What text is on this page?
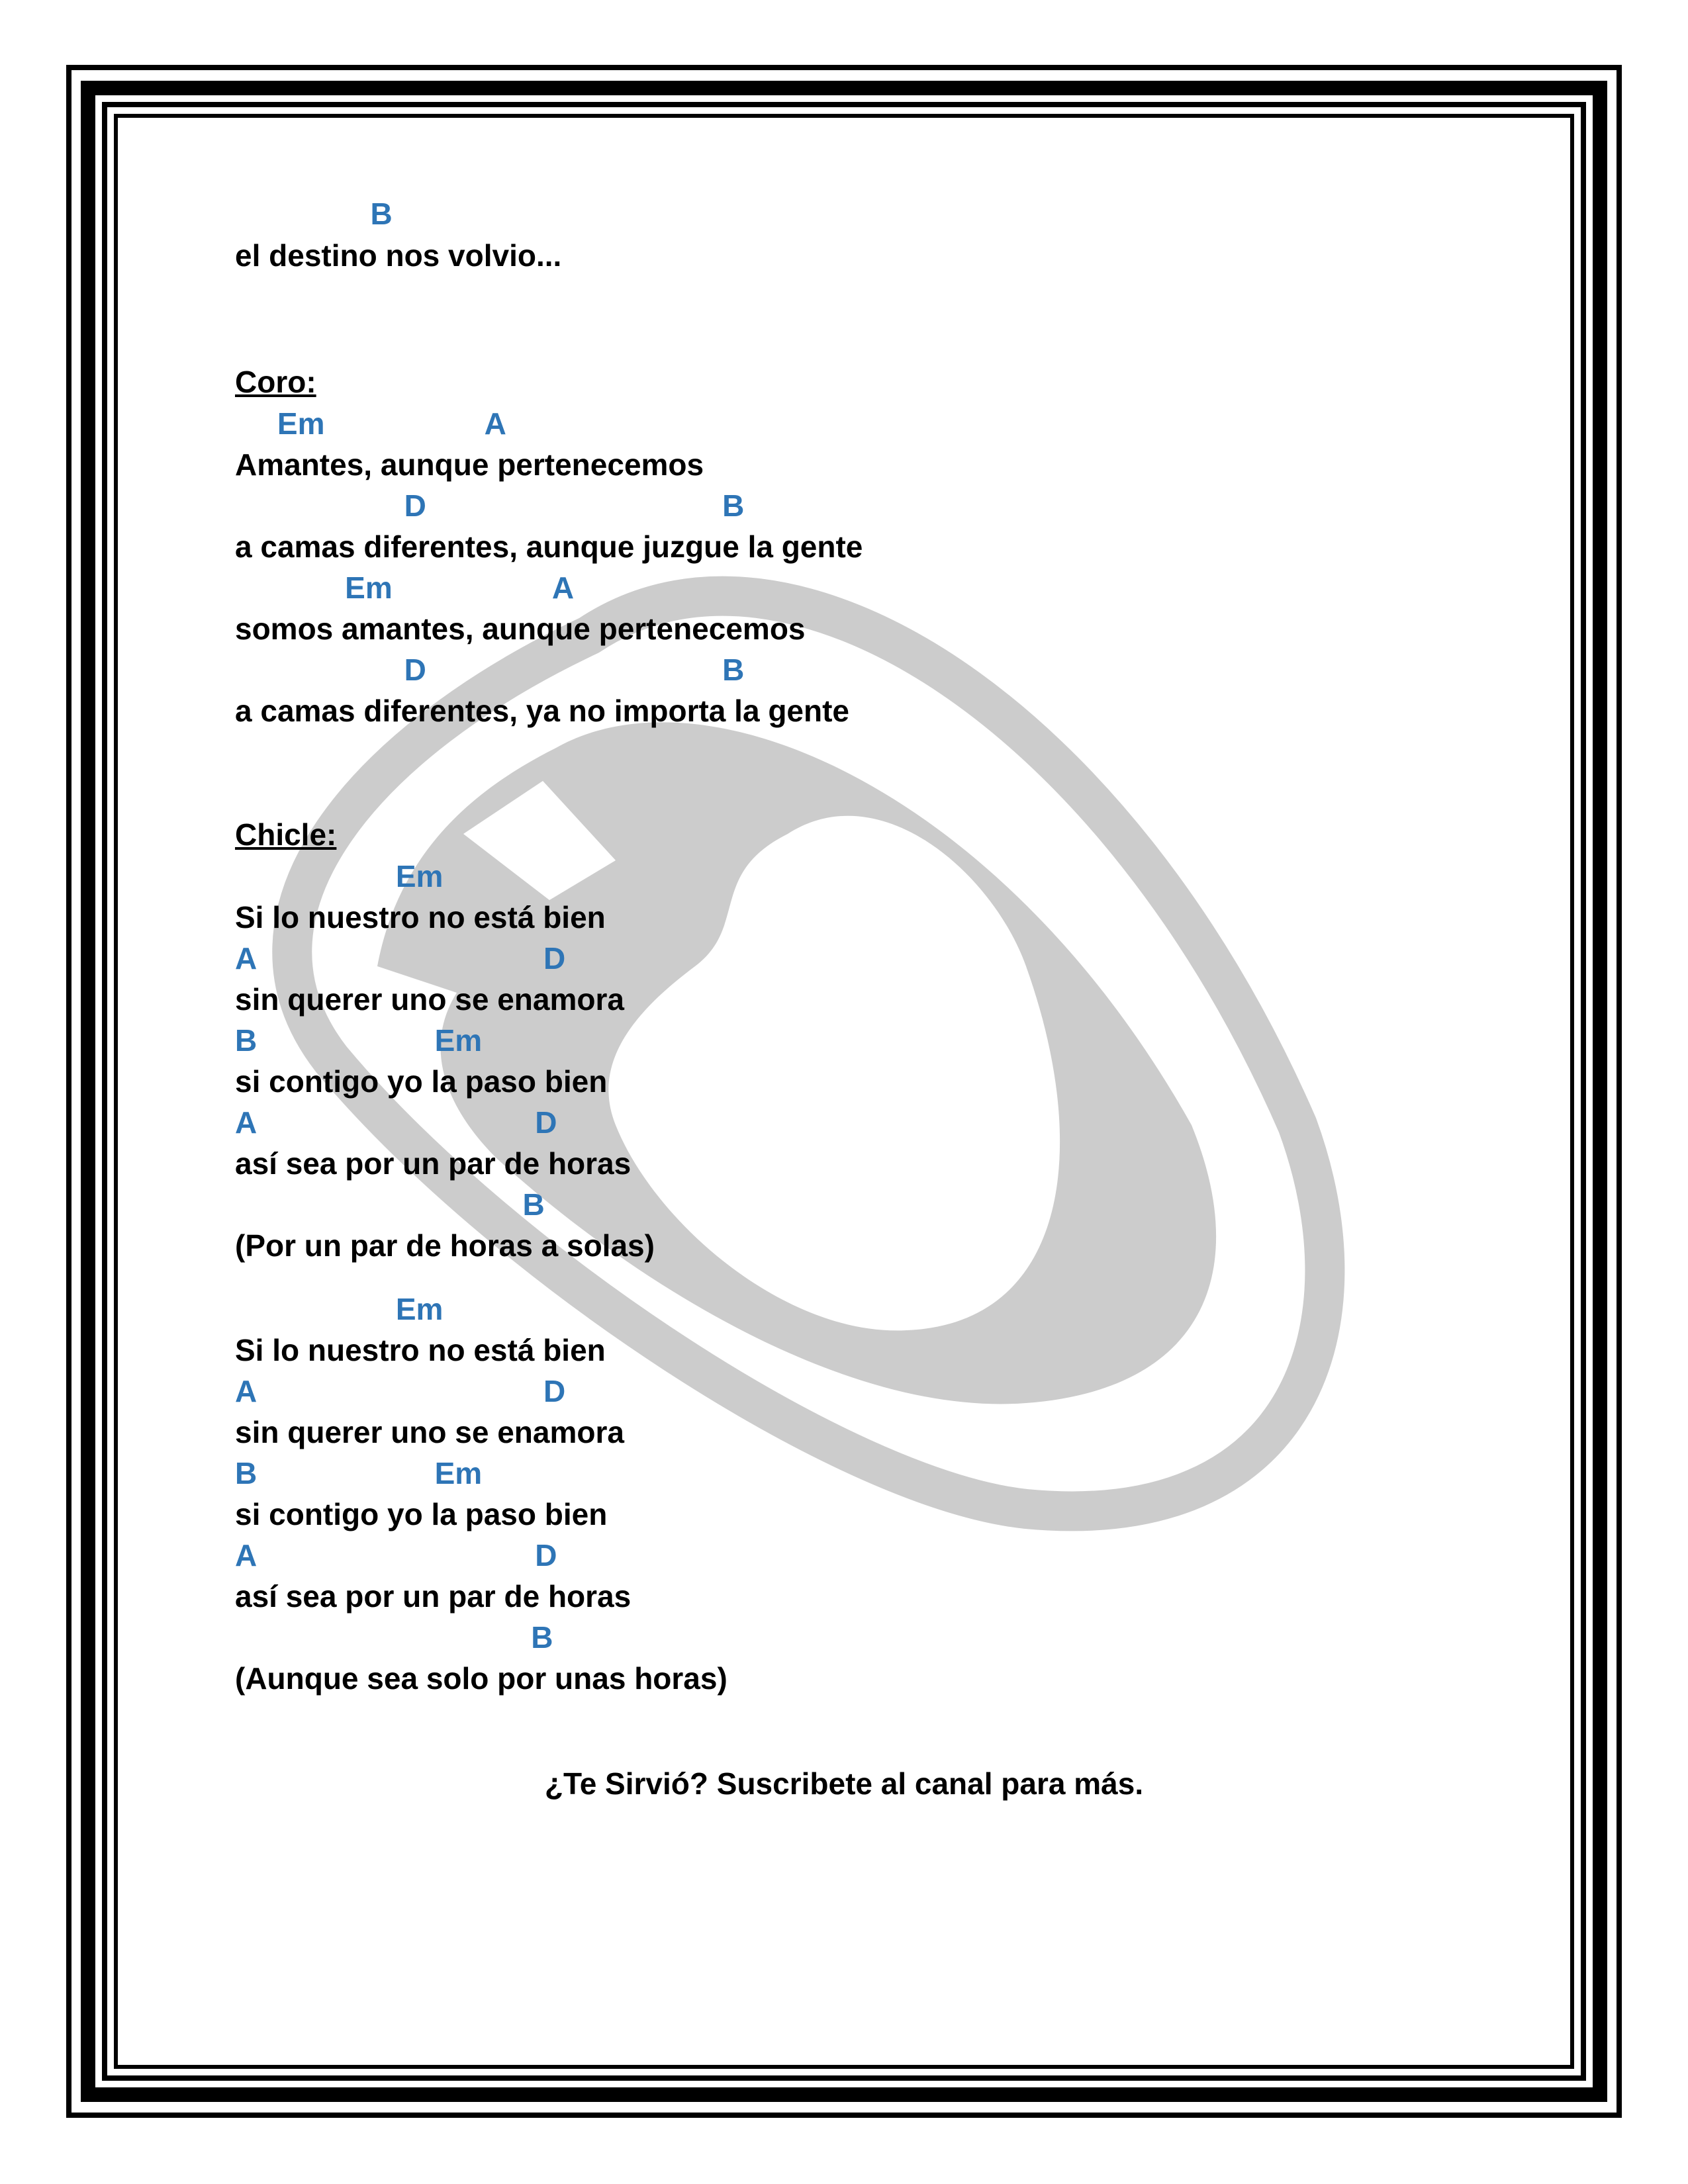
B
el destino nos volvio...
Coro:
Em                   A
Amantes, aunque pertenecemos
D                                   B
a camas diferentes, aunque juzgue la gente
Em                   A
somos amantes, aunque pertenecemos
D                                   B
a camas diferentes, ya no importa la gente
Chicle:
Em
Si lo nuestro no está bien
A                                  D
sin querer uno se enamora
B                     Em
si contigo yo la paso bien
A                                 D
así sea por un par de horas
B
(Por un par de horas a solas)
Em
Si lo nuestro no está bien
A                                  D
sin querer uno se enamora
B                     Em
si contigo yo la paso bien
A                                 D
así sea por un par de horas
B
(Aunque sea solo por unas horas)
¿Te Sirvió? Suscribete al canal para más.
